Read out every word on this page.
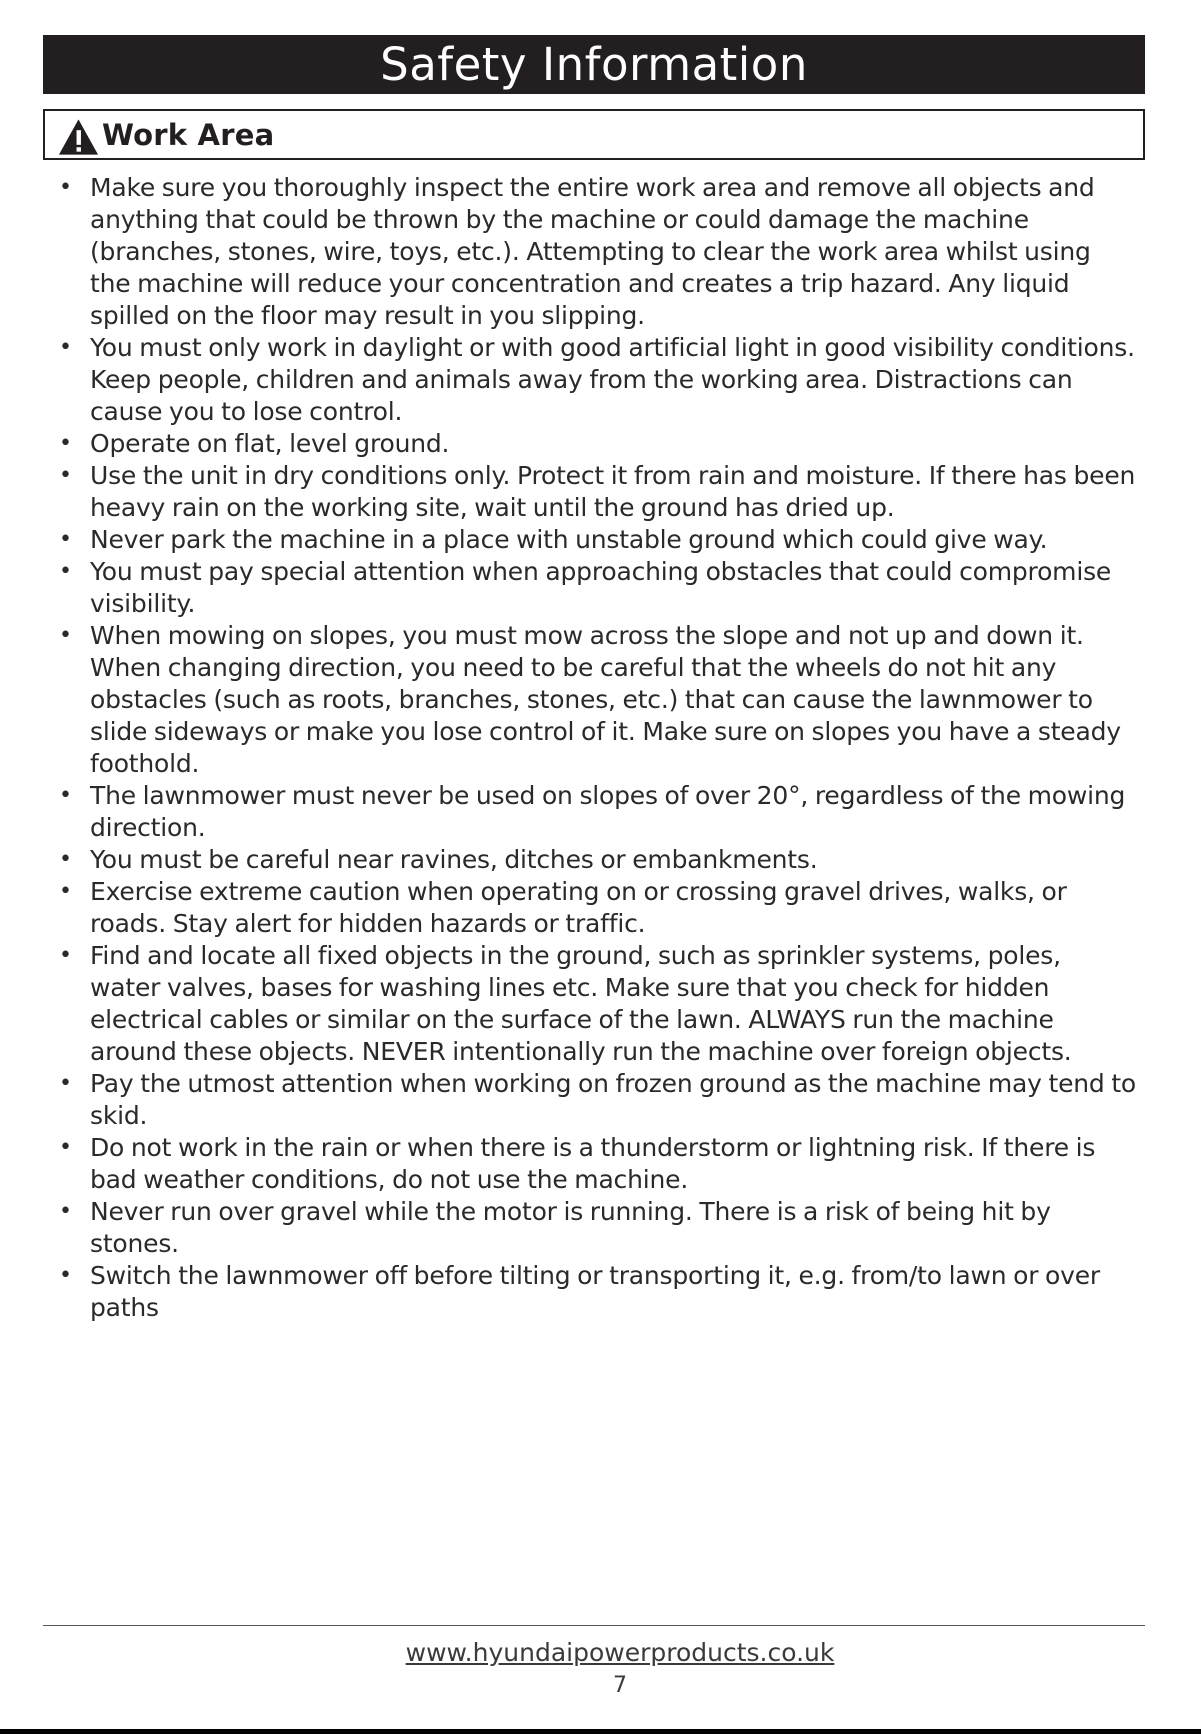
Safety Information
Work Area
• Make sure you thoroughly inspect the entire work area and remove all objects and anything that could be thrown by the machine or could damage the machine (branches, stones, wire, toys, etc.). Attempting to clear the work area whilst using the machine will reduce your concentration and creates a trip hazard. Any liquid spilled on the floor may result in you slipping.
• You must only work in daylight or with good artificial light in good visibility conditions. Keep people, children and animals away from the working area. Distractions can cause you to lose control.
• Operate on flat, level ground.
• Use the unit in dry conditions only. Protect it from rain and moisture. If there has been heavy rain on the working site, wait until the ground has dried up.
• Never park the machine in a place with unstable ground which could give way.
• You must pay special attention when approaching obstacles that could compromise visibility.
• When mowing on slopes, you must mow across the slope and not up and down it. When changing direction, you need to be careful that the wheels do not hit any obstacles (such as roots, branches, stones, etc.) that can cause the lawnmower to slide sideways or make you lose control of it. Make sure on slopes you have a steady foothold.
• The lawnmower must never be used on slopes of over 20°, regardless of the mowing direction.
• You must be careful near ravines, ditches or embankments.
• Exercise extreme caution when operating on or crossing gravel drives, walks, or roads. Stay alert for hidden hazards or traffic.
• Find and locate all fixed objects in the ground, such as sprinkler systems, poles, water valves, bases for washing lines etc. Make sure that you check for hidden electrical cables or similar on the surface of the lawn. ALWAYS run the machine around these objects. NEVER intentionally run the machine over foreign objects.
• Pay the utmost attention when working on frozen ground as the machine may tend to skid.
• Do not work in the rain or when there is a thunderstorm or lightning risk. If there is bad weather conditions, do not use the machine.
• Never run over gravel while the motor is running. There is a risk of being hit by stones.
• Switch the lawnmower off before tilting or transporting it, e.g. from/to lawn or over paths
www.hyundaipowerproducts.co.uk
7
